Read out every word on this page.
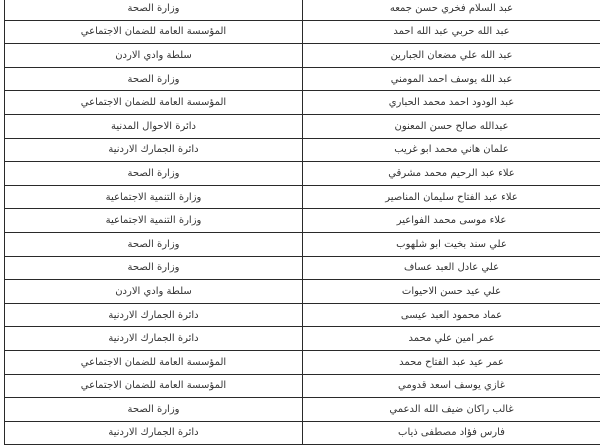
عبد السلام فخري حسن جمعه	وزارة الصحة
عبد الله حربي عبد الله احمد	المؤسسة العامة للضمان الاجتماعي
عبد الله علي مضعان الجبارين	سلطة وادي الاردن
عبد الله يوسف احمد المومني	وزارة الصحة
عبد الودود احمد محمد الحباري	المؤسسة العامة للضمان الاجتماعي
عبدالله صالح حسن المعنون	دائرة الاحوال المدنية
علمان هاني محمد ابو غريب	دائرة الجمارك الاردنية
علاء عبد الرحيم محمد مشرقي	وزارة الصحة
علاء عبد الفتاح سليمان المناصير	وزارة التنمية الاجتماعية
علاء موسى محمد الفواعير	وزارة التنمية الاجتماعية
علي سند بخيت ابو شلهوب	وزارة الصحة
علي عادل العبد عساف	وزارة الصحة
علي عيد حسن الاحيوات	سلطة وادي الاردن
عماد محمود العبد عيسى	دائرة الجمارك الاردنية
عمر امين علي محمد	دائرة الجمارك الاردنية
عمر عيد عبد الفتاح محمد	المؤسسة العامة للضمان الاجتماعي
غازي يوسف اسعد قدومي	المؤسسة العامة للضمان الاجتماعي
غالب راكان ضيف الله الدعمي	وزارة الصحة
فارس فؤاد مصطفى ذياب	دائرة الجمارك الاردنية
